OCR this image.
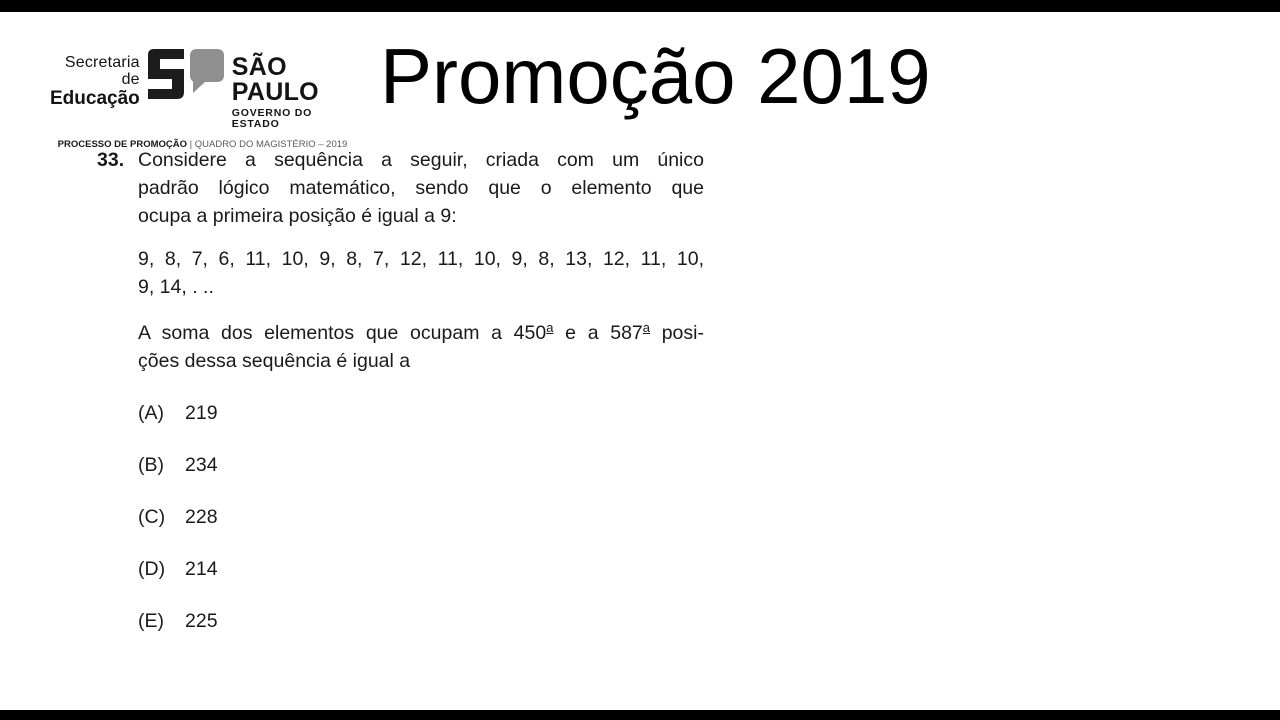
Secretaria de
Educação
SÃO PAULO
GOVERNO DO ESTADO
PROCESSO DE PROMOÇÃO | QUADRO DO MAGISTÉRIO – 2019
Promoção 2019
33. Considere a sequência a seguir, criada com um único
padrão lógico matemático, sendo que o elemento que
ocupa a primeira posição é igual a 9:
9, 8, 7, 6, 11, 10, 9, 8, 7, 12, 11, 10, 9, 8, 13, 12, 11, 10,
9, 14, . ..
A soma dos elementos que ocupam a 450a e a 587a posi-
ções dessa sequência é igual a
(A)	219
(B)	234
(C)	228
(D)	214
(E)	225
